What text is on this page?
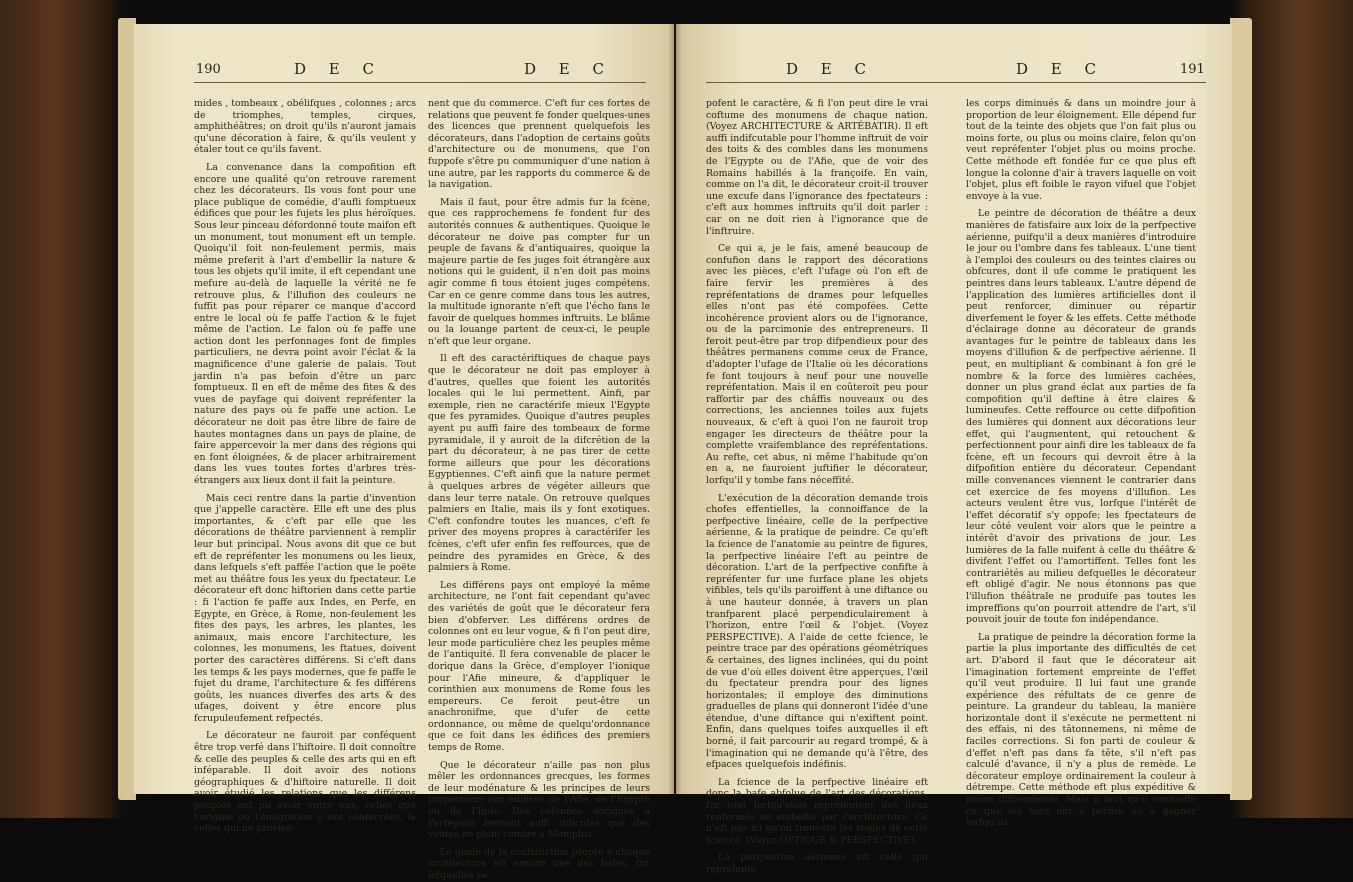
190	D E C	D E C

mides , tombeaux , obélifques , colonnes ; arcs de triomphes, temples, cirques, amphithéâtres; on droit qu'ils n'auront jamais qu'une décoration à faire, & qu'ils veulent y étaler tout ce qu'ils favent.

La convenance dans la compofition eft encore une qualité qu'on retrouve rarement chez les décorateurs. Ils vous font pour une place publique de comédie, d'aufli fomptueux édifices que pour les fujets les plus héroïques. Sous leur pinceau défordonné toute maifon eft un monument, tout monument eft un temple. Quoiqu'il foit non-feulement permis, mais même preferit à l'art d'embellir la nature & tous les objets qu'il imite, il eft cependant une mefure au-delà de laquelle la vérité ne fe retrouve plus, & l'illufion des couleurs ne fuffit pas pour réparer ce manque d'accord entre le local où fe paffe l'action & le fujet même de l'action. Le falon où fe paffe une action dont les perfonnages font de fimples particuliers, ne devra point avoir l'éclat & la magnificence d'une galerie de palais. Tout jardin n'a pas befoin d'être un parc fomptueux. Il en eft de même des fites & des vues de payfage qui doivent repréfenter la nature des pays où fe paffe une action. Le décorateur ne doit pas être libre de faire de hautes montagnes dans un pays de plaine, de faire appercevoir la mer dans des régions qui en font éloignées, & de placer arbitrairement dans les vues toutes fortes d'arbres très-étrangers aux lieux dont il fait la peinture.

Mais ceci rentre dans la partie d'invention que j'appelle caractère. Elle eft une des plus importantes, & c'eft par elle que les décorations de théâtre parviennent à remplir leur but principal. Nous avons dit que ce but eft de repréfenter les monumens ou les lieux, dans lefquels s'eft paffée l'action que le poëte met au théâtre fous les yeux du fpectateur. Le décorateur eft donc hiftorien dans cette partie : fi l'action fe paffe aux Indes, en Perfe, en Egypte, en Grèce, à Rome, non-feulement les fites des pays, les arbres, les plantes, les animaux, mais encore l'architecture, les colonnes, les monumens, les ftatues, doivent porter des caractères différens. Si c'eft dans les temps & les pays modernes, que fe paffe le fujet du drame, l'architecture & fes différens goûts, les nuances diverfes des arts & des ufages, doivent y être encore plus fcrupuleufement refpectés.

Le décorateur ne fauroit par conféquent être trop verfé dans l'hiftoire. Il doit connoître & celle des peuples & celle des arts qui en eft inféparable. Il doit avoir des notions géographiques & d'hiftoire naturelle. Il doit avoir étudié les relations que les différens peuples ont pu avoir entre eux, celles que l'origine ou l'émigration y ont confervées, & celles qui ne provien-

nent que du commerce. C'eft fur ces fortes de relations que peuvent fe fonder quelques-unes des licences que prennent quelquefois les décorateurs, dans l'adoption de certains goûts d'architecture ou de monumens, que l'on fuppofe s'être pu communiquer d'une nation à une autre, par les rapports du commerce & de la navigation.

Mais il faut, pour être admis fur la fcène, que ces rapprochemens fe fondent fur des autorités connues & authentiques. Quoique le décorateur ne doive pas compter fur un peuple de favans & d'antiquaires, quoique la majeure partie de fes juges foit étrangère aux notions qui le guident, il n'en doit pas moins agir comme fi tous étoient juges compétens. Car en ce genre comme dans tous les autres, la multitude ignorante n'eft que l'écho fans le favoir de quelques hommes inftruits. Le blâme ou la louange partent de ceux-ci, le peuple n'eft que leur organe.

Il eft des caractériftiques de chaque pays que le décorateur ne doit pas employer à d'autres, quelles que foient les autorités locales qui le lui permettent. Ainfi, par exemple, rien ne caractérife mieux l'Egypte que fes pyramides. Quoique d'autres peuples ayent pu auffi faire des tombeaux de forme pyramidale, il y auroit de la difcrétion de la part du décorateur, à ne pas tirer de cette forme ailleurs que pour les décorations Egyptiennes. C'eft ainfi que la nature permet à quelques arbres de végéter ailleurs que dans leur terre natale. On retrouve quelques palmiers en Italie, mais ils y font exotiques. C'eft confondre toutes les nuances, c'eft fe priver des moyens propres à caractérifer les fcènes, c'eft ufer enfin fes reffources, que de peindre des pyramides en Grèce, & des palmiers à Rome.

Les différens pays ont employé la même architecture, ne l'ont fait cependant qu'avec des variétés de goût que le décorateur fera bien d'obferver. Les différens ordres de colonnes ont eu leur vogue, & fi l'on peut dire, leur mode particulière chez les peuples même de l'antiquité. Il fera convenable de placer le dorique dans la Grèce, d'employer l'ionique pour l'Afie mineure, & d'appliquer le corinthien aux monumens de Rome fous les empereurs. Ce feroit peut-être un anachronifme, que d'ufer de cette ordonnance, ou même de quelqu'ordonnance que ce foit dans les édifices des premiers temps de Rome.

Que le décorateur n'aille pas non plus mêler les ordonnances grecques, les formes de leur modénature & les principes de leurs proportions aux édifices de l'Afie, de l'Egypte ou de l'Inde. Des colonnes doriques à Perfépolis feroient auffi ridicules que des voûtes en plein ceintre à Memphis.

Le génie de la conftruction propre à chaque architecture eft encore une des bafes, fur lefquelles re-

D E C	D E C	191

pofent le caractère, & fi l'on peut dire le vrai coftume des monumens de chaque nation. (Voyez ARCHITECTURE & ARTÉBATIR). Il eft auffi indifcutable pour l'homme inftruit de voir des toits & des combles dans les monumens de l'Egypte ou de l'Afie, que de voir des Romains habillés à la françoife. En vain, comme on l'a dit, le décorateur croit-il trouver une excufe dans l'ignorance des fpectateurs : c'eft aux hommes inftruits qu'il doit parler : car on ne doit rien à l'ignorance que de l'inftruire.

Ce qui a, je le fais, amené beaucoup de confufion dans le rapport des décorations avec les pièces, c'eft l'ufage où l'on eft de faire fervir les premières à des repréfentations de drames pour lefquelles elles n'ont pas été compofées. Cette incohérence provient alors ou de l'ignorance, ou de la parcimonie des entrepreneurs. Il feroit peut-être par trop difpendieux pour des théâtres permanens comme ceux de France, d'adopter l'ufage de l'Italie où les décorations fe font toujours à neuf pour une nouvelle repréfentation. Mais il en coûteroit peu pour raffortir par des châffis nouveaux ou des corrections, les anciennes toiles aux fujets nouveaux, & c'eft à quoi l'on ne fauroit trop engager les directeurs de théâtre pour la complette vraifemblance des repréfentations. Au refte, cet abus, ni même l'habitude qu'on en a, ne fauroient juftifier le décorateur, lorfqu'il y tombe fans néceffité.

L'exécution de la décoration demande trois chofes effentielles, la connoiffance de la perfpective linéaire, celle de la perfpective aérienne, & la pratique de peindre. Ce qu'eft la fcience de l'anatomie au peintre de figures, la perfpective linéaire l'eft au peintre de décoration. L'art de la perfpective confifte à repréfenter fur une furface plane les objets vifibles, tels qu'ils paroiffent à une diftance ou à une hauteur donnée, à travers un plan tranfparent placé perpendiculairement à l'horizon, entre l'œil & l'objet. (Voyez PERSPECTIVE). A l'aide de cette fcience, le peintre trace par des opérations géométriques & certaines, des lignes inclinées, qui du point de vue d'où elles doivent être apperçues, l'œil du fpectateur prendra pour des lignes horizontales; il employe des diminutions graduelles de plans qui donneront l'idée d'une étendue, d'une diftance qui n'exiftent point. Enfin, dans quelques toifes auxquelles il eft borné, il fait parcourir au regard trompé, & à l'imagination qui ne demande qu'à l'être, des efpaces quelquefois indéfinis.

La fcience de la perfpective linéaire eft donc la bafe abfolue de l'art des décorations, fur tout lorfqu'elles repréfentent des lieux renfermés ou embellis par l'architecture. Ce n'eft pas ici qu'on trouvera les règles de cette fcience. (Voyez OPTIQUE & PERSPECTIVE).

La perfpective aérienne eft celle qui repréfente

les corps diminués & dans un moindre jour à proportion de leur éloignement. Elle dépend fur tout de la teinte des objets que l'on fait plus ou moins forte, ou plus ou moins claire, felon qu'on veut repréfenter l'objet plus ou moins proche. Cette méthode eft fondée fur ce que plus eft longue la colonne d'air à travers laquelle on voit l'objet, plus eft foible le rayon vifuel que l'objet envoye à la vue.

Le peintre de décoration de théâtre a deux manières de fatisfaire aux loix de la perfpective aérienne, puifqu'il a deux manières d'introduire le jour ou l'ombre dans fes tableaux. L'une tient à l'emploi des couleurs ou des teintes claires ou obfcures, dont il ufe comme le pratiquent les peintres dans leurs tableaux. L'autre dépend de l'application des lumières artificielles dont il peut renforcer, diminuer ou répartir diverfement le foyer & les effets. Cette méthode d'éclairage donne au décorateur de grands avantages fur le peintre de tableaux dans les moyens d'illufion & de perfpective aérienne. Il peut, en multipliant & combinant à fon gré le nombre & la force des lumières cachées, donner un plus grand éclat aux parties de fa compofition qu'il deftine à être claires & lumineufes. Cette reffource ou cette difpofition des lumières qui donnent aux décorations leur effet, qui l'augmentent, qui retouchent & perfectionnent pour ainfi dire les tableaux de fa fcène, eft un fecours qui devroit être à la difpofition entière du décorateur. Cependant mille convenances viennent le contrarier dans cet exercice de fes moyens d'illufion. Les acteurs veulent être vus, lorfque l'intérêt de l'effet décoratif s'y oppofe; les fpectateurs de leur côté veulent voir alors que le peintre a intérêt d'avoir des privations de jour. Les lumières de la falle nuifent à celle du théâtre & divifent l'effet ou l'amortiffent. Telles font les contrariétés au milieu defquelles le décorateur eft obligé d'agir. Ne nous étonnons pas que l'illufion théâtrale ne produife pas toutes les impreffions qu'on pourroit attendre de l'art, s'il pouvoit jouir de toute fon indépendance.

La pratique de peindre la décoration forme la partie la plus importante des difficultés de cet art. D'abord il faut que le décorateur ait l'imagination fortement empreinte de l'effet qu'il veut produire. Il lui faut une grande expérience des réfultats de ce genre de peinture. La grandeur du tableau, la manière horizontale dont il s'exécute ne permettent ni des effais, ni des tâtonnemens, ni même de faciles corrections. Si fon parti de couleur & d'effet n'eft pas dans fa tête, s'il n'eft pas calculé d'avance, il n'y a plus de remède. Le décorateur employe ordinairement la couleur à détrempe. Cette méthode eft plus expéditive & moins difpendieufe. Mais il faut qu'il connoiffe ce que les tons ont à perdre ou à gagner lorfqu'ils
